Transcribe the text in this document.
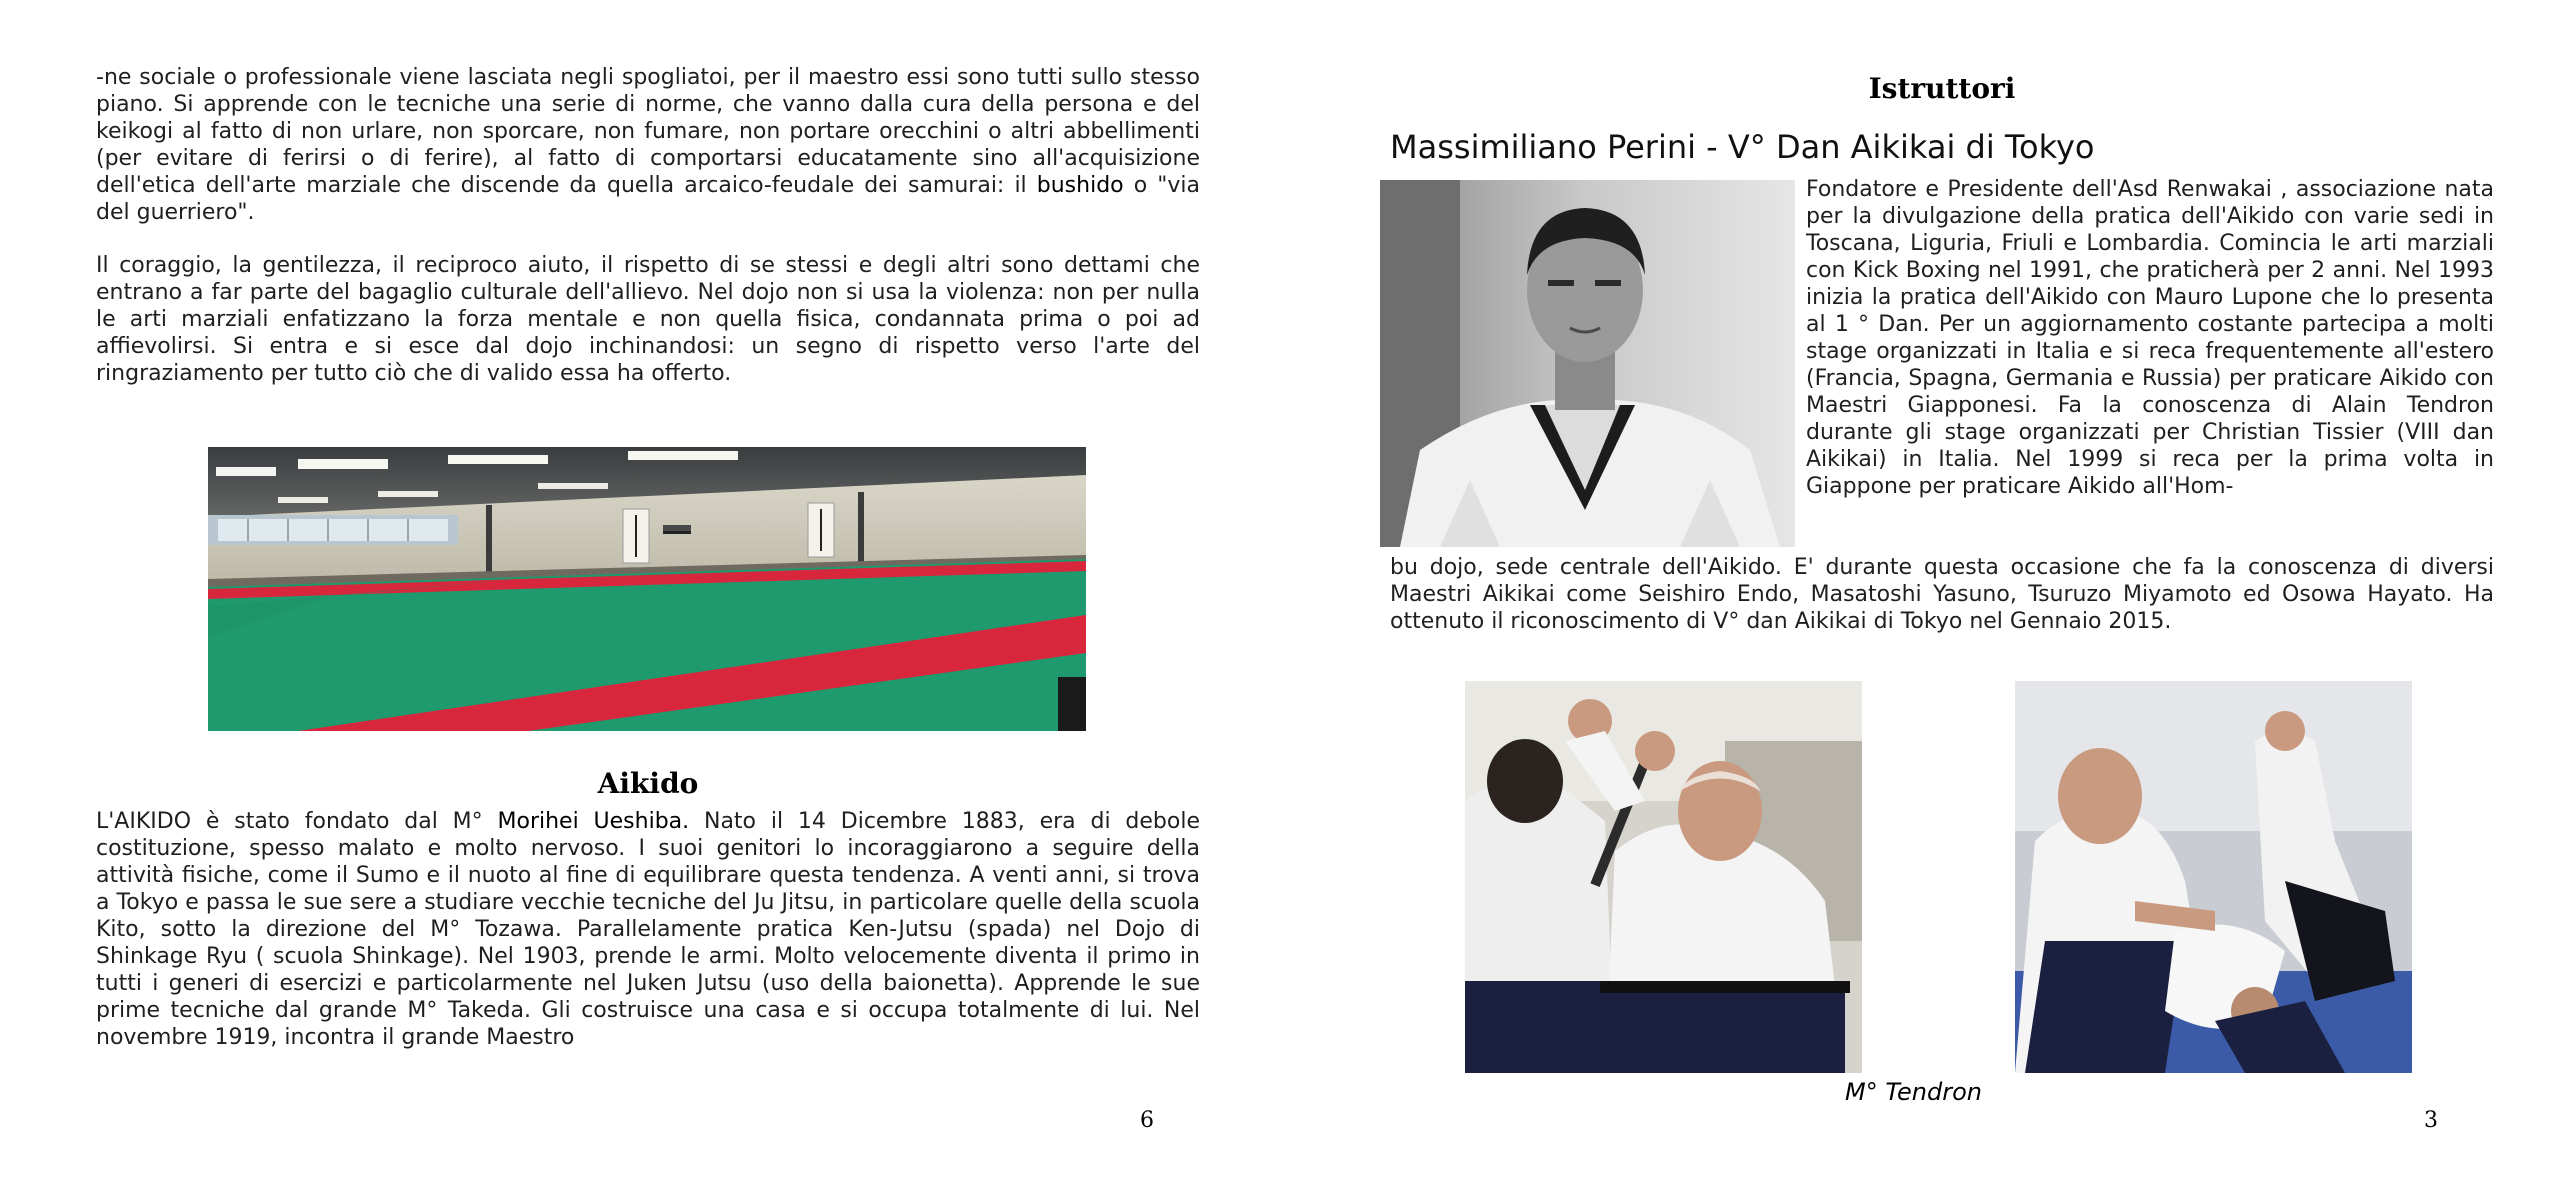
-ne sociale o professionale viene lasciata negli spogliatoi, per il maestro essi sono tutti sullo stesso piano. Si apprende con le tecniche una serie di norme, che vanno dalla cura della persona e del keikogi al fatto di non urlare, non sporcare, non fumare, non portare orecchini o altri abbellimenti (per evitare di ferirsi o di ferire), al fatto di comportarsi educatamente sino all'acquisizione dell'etica dell'arte marziale che discende da quella arcaico-feudale dei samurai: il bushido o "via del guerriero".

Il coraggio, la gentilezza, il reciproco aiuto, il rispetto di se stessi e degli altri sono dettami che entrano a far parte del bagaglio culturale dell'allievo. Nel dojo non si usa la violenza: non per nulla le arti marziali enfatizzano la forza mentale e non quella fisica, condannata prima o poi ad affievolirsi. Si entra e si esce dal dojo inchinandosi: un segno di rispetto verso l'arte del ringraziamento per tutto ciò che di valido essa ha offerto.

Aikido

L'AIKIDO è stato fondato dal M° Morihei Ueshiba. Nato il 14 Dicembre 1883, era di debole costituzione, spesso malato e molto nervoso. I suoi genitori lo incoraggiarono a seguire della attività fisiche, come il Sumo e il nuoto al fine di equilibrare questa tendenza. A venti anni, si trova a Tokyo e passa le sue sere a studiare vecchie tecniche del Ju Jitsu, in particolare quelle della scuola Kito, sotto la direzione del M° Tozawa. Parallelamente pratica Ken-Jutsu (spada) nel Dojo di Shinkage Ryu ( scuola Shinkage). Nel 1903, prende le armi. Molto velocemente diventa il primo in tutti i generi di esercizi e particolarmente nel Juken Jutsu (uso della baionetta). Apprende le sue prime tecniche dal grande M° Takeda. Gli costruisce una casa e si occupa totalmente di lui. Nel novembre 1919, incontra il grande Maestro

6
Istruttori

Massimiliano Perini - V° Dan Aikikai di Tokyo

Fondatore e Presidente dell'Asd Renwakai , associazione nata per la divulgazione della pratica dell'Aikido con varie sedi in Toscana, Liguria, Friuli e Lombardia. Comincia le arti marziali con Kick Boxing nel 1991, che praticherà per 2 anni. Nel 1993 inizia la pratica dell'Aikido con Mauro Lupone che lo presenta al 1 ° Dan. Per un aggiornamento costante partecipa a molti stage organizzati in Italia e si reca frequentemente all'estero (Francia, Spagna, Germania e Russia) per praticare Aikido con Maestri Giapponesi. Fa la conoscenza di Alain Tendron durante gli stage organizzati per Christian Tissier (VIII dan Aikikai) in Italia. Nel 1999 si reca per la prima volta in Giappone per praticare Aikido all'Hom-

bu dojo, sede centrale dell'Aikido. E' durante questa occasione che fa la conoscenza di diversi Maestri Aikikai come Seishiro Endo, Masatoshi Yasuno, Tsuruzo Miyamoto ed Osowa Hayato. Ha ottenuto il riconoscimento di V° dan Aikikai di Tokyo nel Gennaio 2015.

M° Tendron

3
